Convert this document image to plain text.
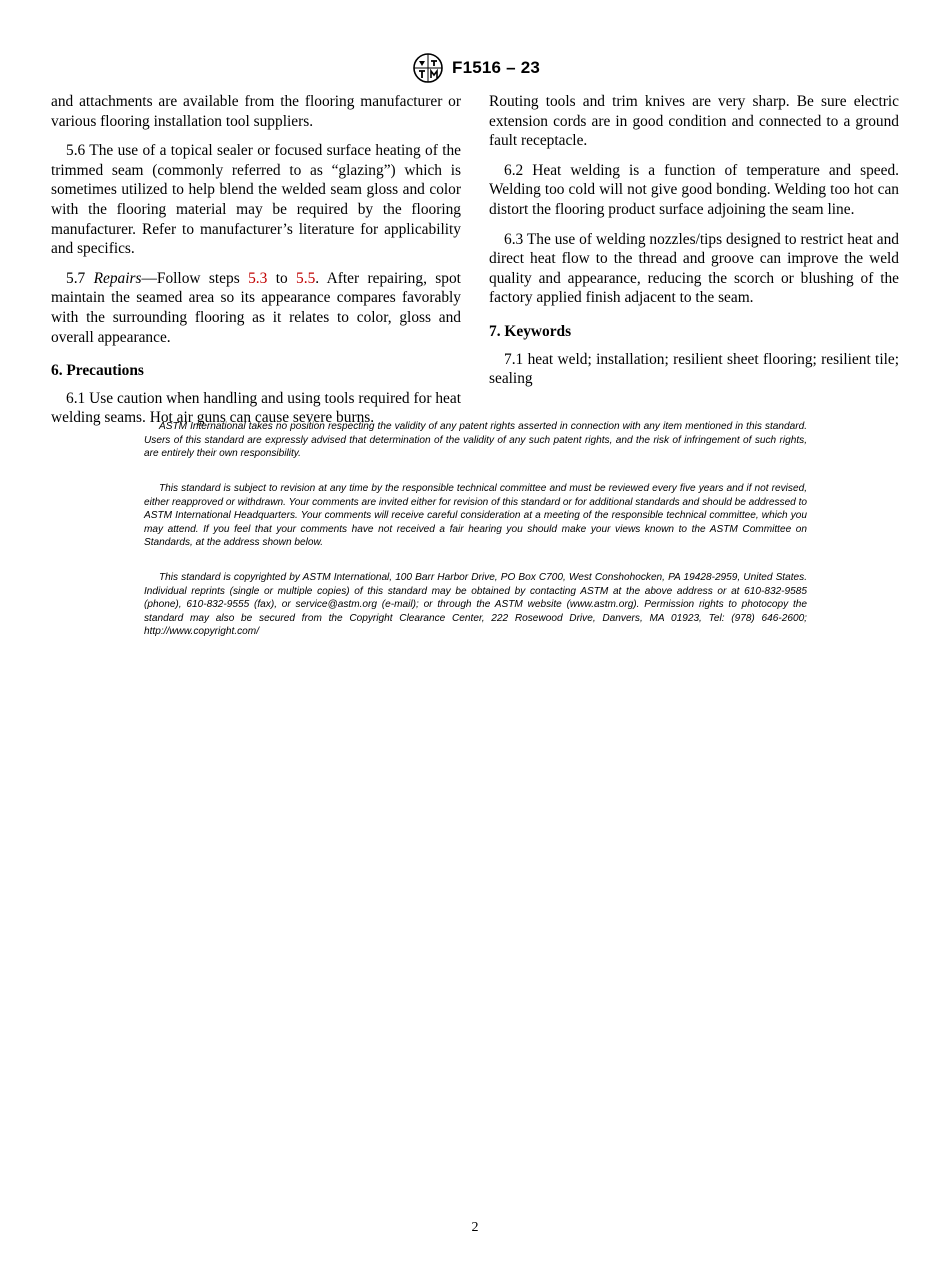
F1516 – 23

and attachments are available from the flooring manufacturer or various flooring installation tool suppliers.

5.6 The use of a topical sealer or focused surface heating of the trimmed seam (commonly referred to as “glazing”) which is sometimes utilized to help blend the welded seam gloss and color with the flooring material may be required by the flooring manufacturer. Refer to manufacturer’s literature for applicability and specifics.

5.7 Repairs—Follow steps 5.3 to 5.5. After repairing, spot maintain the seamed area so its appearance compares favorably with the surrounding flooring as it relates to color, gloss and overall appearance.

6. Precautions

6.1 Use caution when handling and using tools required for heat welding seams. Hot air guns can cause severe burns.

Routing tools and trim knives are very sharp. Be sure electric extension cords are in good condition and connected to a ground fault receptacle.

6.2 Heat welding is a function of temperature and speed. Welding too cold will not give good bonding. Welding too hot can distort the flooring product surface adjoining the seam line.

6.3 The use of welding nozzles/tips designed to restrict heat and direct heat flow to the thread and groove can improve the weld quality and appearance, reducing the scorch or blushing of the factory applied finish adjacent to the seam.

7. Keywords

7.1 heat weld; installation; resilient sheet flooring; resilient tile; sealing

ASTM International takes no position respecting the validity of any patent rights asserted in connection with any item mentioned in this standard. Users of this standard are expressly advised that determination of the validity of any such patent rights, and the risk of infringement of such rights, are entirely their own responsibility.

This standard is subject to revision at any time by the responsible technical committee and must be reviewed every five years and if not revised, either reapproved or withdrawn. Your comments are invited either for revision of this standard or for additional standards and should be addressed to ASTM International Headquarters. Your comments will receive careful consideration at a meeting of the responsible technical committee, which you may attend. If you feel that your comments have not received a fair hearing you should make your views known to the ASTM Committee on Standards, at the address shown below.

This standard is copyrighted by ASTM International, 100 Barr Harbor Drive, PO Box C700, West Conshohocken, PA 19428-2959, United States. Individual reprints (single or multiple copies) of this standard may be obtained by contacting ASTM at the above address or at 610-832-9585 (phone), 610-832-9555 (fax), or service@astm.org (e-mail); or through the ASTM website (www.astm.org). Permission rights to photocopy the standard may also be secured from the Copyright Clearance Center, 222 Rosewood Drive, Danvers, MA 01923, Tel: (978) 646-2600; http://www.copyright.com/

2
